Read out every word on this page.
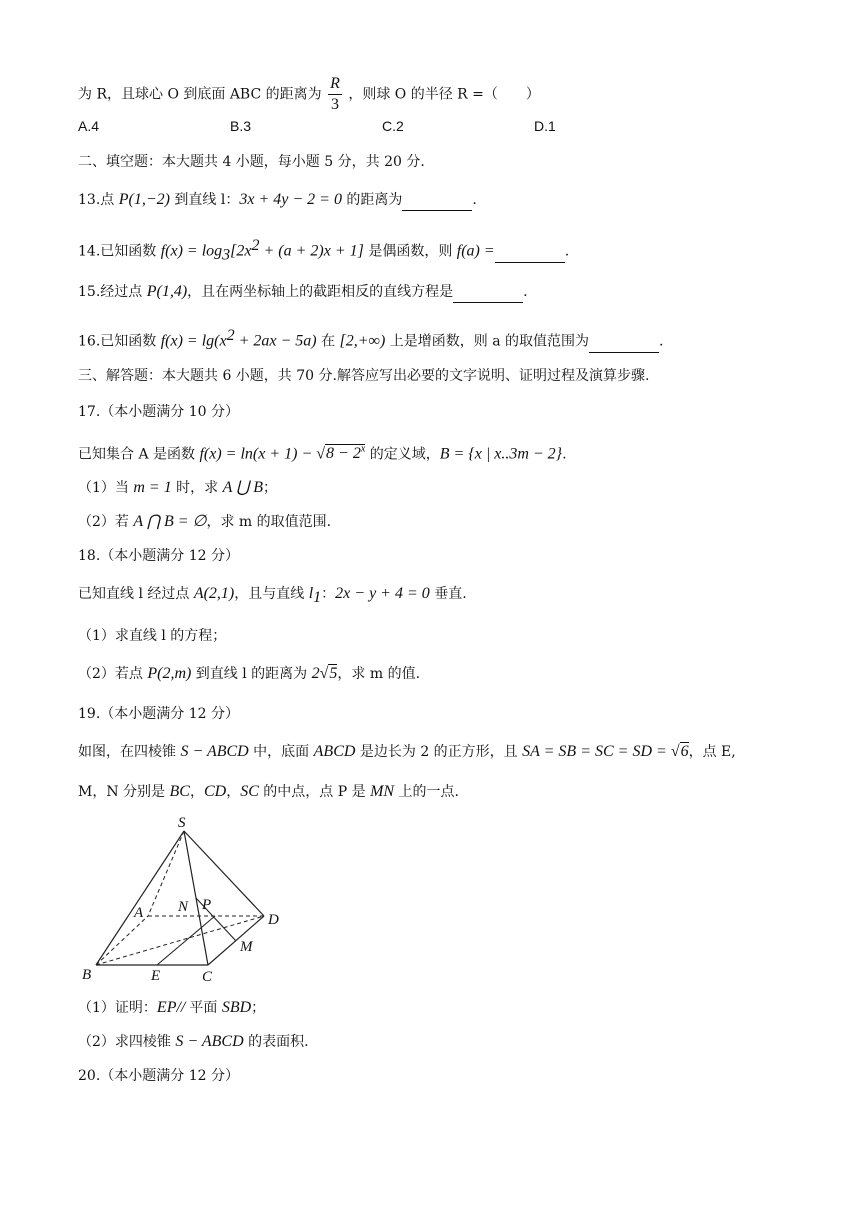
为 R，且球心 O 到底面 ABC 的距离为 $\frac{R}{3}$ ，则球 O 的半径 R =（　　）
A.4	B.3	C.2	D.1
二、填空题：本大题共 4 小题，每小题 5 分，共 20 分.
13.点 P(1,−2) 到直线 l：3x + 4y − 2 = 0 的距离为	.
14.已知函数 $f(x) = \log_3[2x^2 + (a + 2)x + 1]$ 是偶函数，则 f(a) =	.
15.经过点 P(1,4)，且在两坐标轴上的截距相反的直线方程是	.
16.已知函数 $f(x) = \lg(x^2 + 2ax - 5a)$ 在 [2,+∞) 上是增函数，则 a 的取值范围为	.
三、解答题：本大题共 6 小题，共 70 分.解答应写出必要的文字说明、证明过程及演算步骤.
17.（本小题满分 10 分）
已知集合 A 是函数 $f(x) = \ln(x + 1) - √8 - 2^x$ 的定义域，B = {x | x..3m − 2}.
（1）当 m = 1 时，求 A ⋃ B；
（2）若 A ⋂ B = ∅，求 m 的取值范围.
18.（本小题满分 12 分）
已知直线 l 经过点 A(2,1)，且与直线 $l_1$：2x − y + 4 = 0 垂直.
（1）求直线 l 的方程；
（2）若点 P(2,m) 到直线 l 的距离为 2√5，求 m 的值.
19.（本小题满分 12 分）
如图，在四棱锥 S − ABCD 中，底面 ABCD 是边长为 2 的正方形，且 SA = SB = SC = SD = √6，点 E,
M，N 分别是 BC，CD，SC 的中点，点 P 是 MN 上的一点.
S
A N P
D
M
B	E	C
（1）证明：EP// 平面 SBD；
（2）求四棱锥 S − ABCD 的表面积.
20.（本小题满分 12 分）
